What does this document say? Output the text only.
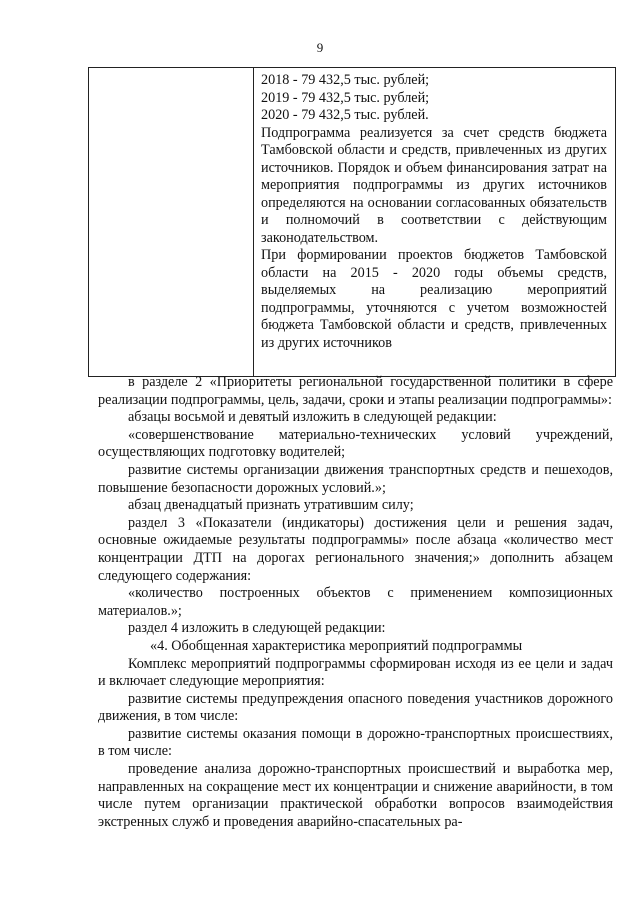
9

2018 - 79 432,5 тыс. рублей;

2019 - 79 432,5 тыс. рублей;

2020 - 79 432,5 тыс. рублей.

Подпрограмма реализуется за счет средств бюджета Тамбовской области и средств, привлеченных из других источников. Порядок и объем финансирования затрат на мероприятия подпрограммы из других источников определяются на основании согласованных обязательств и полномочий в соответствии с действующим законодательством.

При формировании проектов бюджетов Тамбовской области на 2015 - 2020 годы объемы средств, выделяемых на реализацию мероприятий подпрограммы, уточняются с учетом возможностей бюджета Тамбовской области и средств, привлеченных из других источников

в разделе 2 «Приоритеты региональной государственной политики в сфере реализации подпрограммы, цель, задачи, сроки и этапы реализации подпрограммы»:

абзацы восьмой и девятый изложить в следующей редакции:

«совершенствование материально-технических условий учреждений, осуществляющих подготовку водителей;

развитие системы организации движения транспортных средств и пешеходов, повышение безопасности дорожных условий.»;

абзац двенадцатый признать утратившим силу;

раздел 3 «Показатели (индикаторы) достижения цели и решения задач, основные ожидаемые результаты подпрограммы» после абзаца «количество мест концентрации ДТП на дорогах регионального значения;» дополнить абзацем следующего содержания:

«количество построенных объектов с применением композиционных материалов.»;

раздел 4 изложить в следующей редакции:

«4. Обобщенная характеристика мероприятий подпрограммы

Комплекс мероприятий подпрограммы сформирован исходя из ее цели и задач и включает следующие мероприятия:

развитие системы предупреждения опасного поведения участников дорожного движения, в том числе:

развитие системы оказания помощи в дорожно-транспортных происшествиях, в том числе:

проведение анализа дорожно-транспортных происшествий и выработка мер, направленных на сокращение мест их концентрации и снижение аварийности, в том числе путем организации практической обработки вопросов взаимодействия экстренных служб и проведения аварийно-спасательных ра-
